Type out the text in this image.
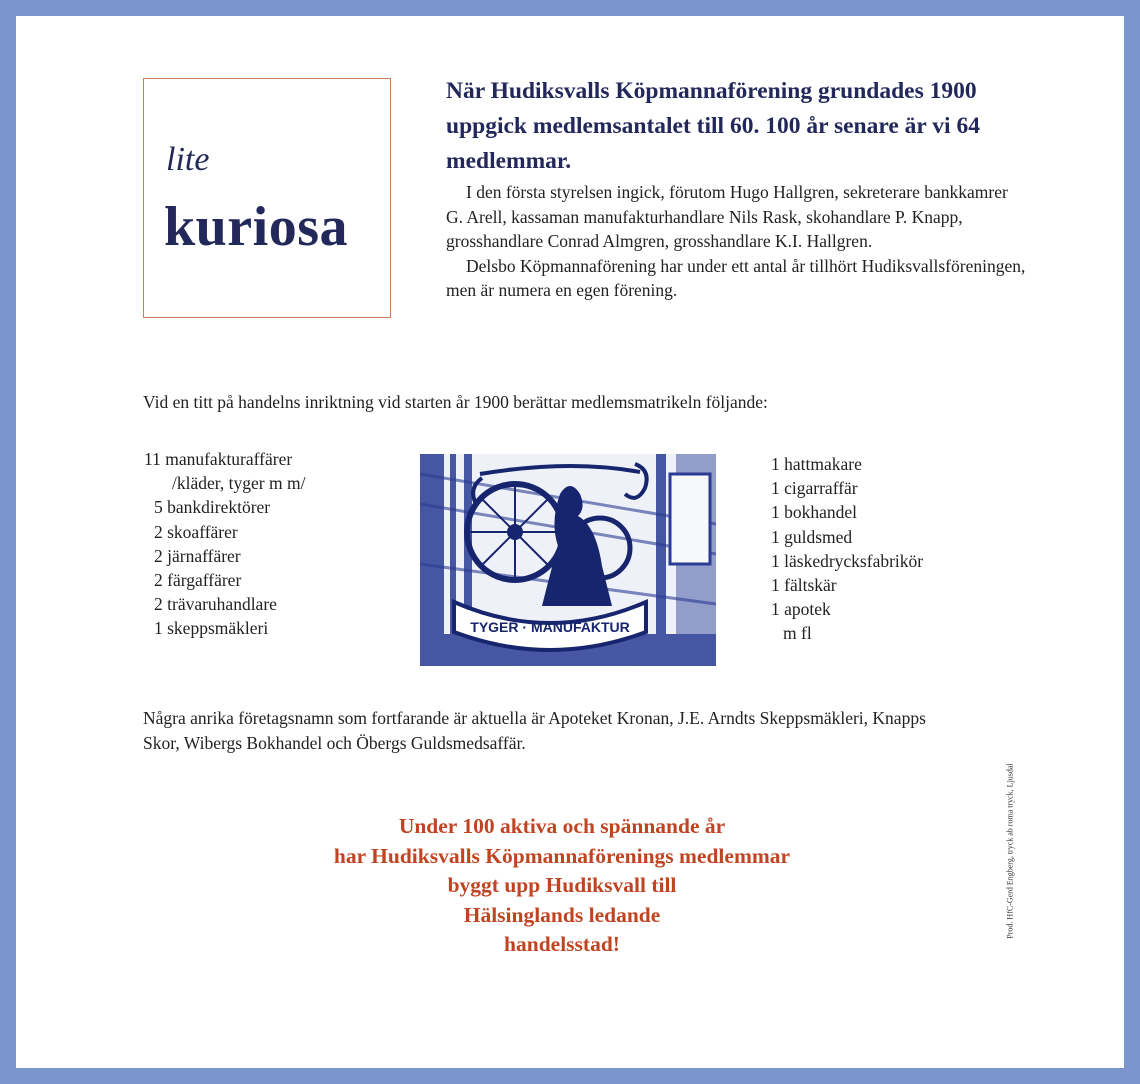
lite
kuriosa
När Hudiksvalls Köpmannaförening grundades 1900 uppgick medlemsantalet till 60. 100 år senare är vi 64 medlemmar.

I den första styrelsen ingick, förutom Hugo Hallgren, sekreterare bankkamrer G. Arell, kassaman manufakturhandlare Nils Rask, skohandlare P. Knapp, grosshandlare Conrad Almgren, grosshandlare K.I. Hallgren.

Delsbo Köpmannaförening har under ett antal år tillhört Hudiksvallsföreningen, men är numera en egen förening.

Vid en titt på handelns inriktning vid starten år 1900 berättar medlemsmatrikeln följande:
11 manufakturaffärer
/kläder, tyger m m/
5 bankdirektörer
2 skoaffärer
2 järnaffärer
2 färgaffärer
2 trävaruhandlare
1 skeppsmäkleri	TYGER · MANUFAKTUR
1 hattmakare
1 cigarraffär
1 bokhandel
1 guldsmed
1 läskedrycksfabrikör
1 fältskär
1 apotek
m fl
Några anrika företagsnamn som fortfarande är aktuella är Apoteket Kronan, J.E. Arndts Skeppsmäkleri, Knapps Skor, Wibergs Bokhandel och Öbergs Guldsmedsaffär.
Under 100 aktiva och spännande år
har Hudiksvalls Köpmannaförenings medlemmar
byggt upp Hudiksvall till
Hälsinglands ledande
handelsstad!
Prod. HfC-Gerd Engberg, tryck ab roma tryck, Ljusdal
